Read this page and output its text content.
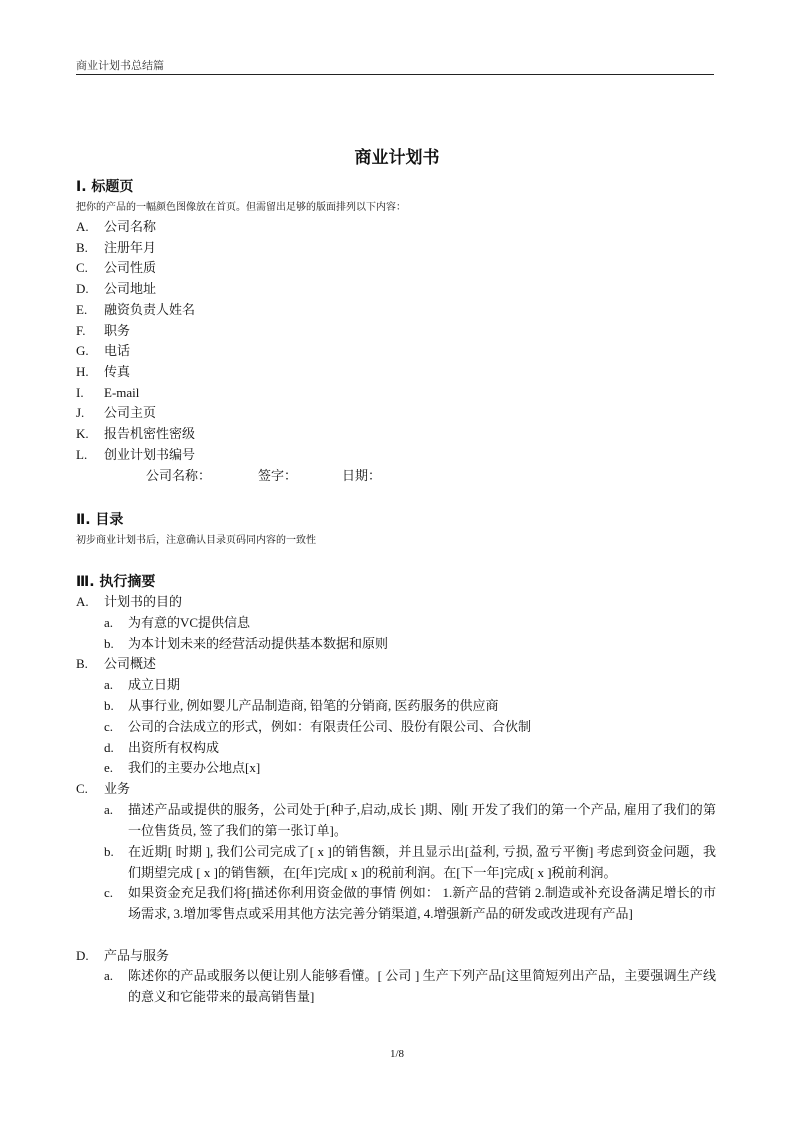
商业计划书总结篇
商业计划书
Ⅰ. 标题页
把你的产品的一幅颜色图像放在首页。但需留出足够的版面排列以下内容：
A. 公司名称
B. 注册年月
C. 公司性质
D. 公司地址
E. 融资负责人姓名
F. 职务
G. 电话
H. 传真
I. E-mail
J. 公司主页
K. 报告机密性密级
L. 创业计划书编号
公司名称：	签字：	日期：
Ⅱ. 目录
初步商业计划书后，注意确认目录页码同内容的一致性
Ⅲ. 执行摘要
A. 计划书的目的
a. 为有意的VC提供信息
b. 为本计划未来的经营活动提供基本数据和原则
B. 公司概述
a. 成立日期
b. 从事行业, 例如婴儿产品制造商, 铅笔的分销商, 医药服务的供应商
c. 公司的合法成立的形式，例如：有限责任公司、股份有限公司、合伙制
d. 出资所有权构成
e. 我们的主要办公地点[x]
C. 业务
a. 描述产品或提供的服务，公司处于[种子,启动,成长 ]期、刚[ 开发了我们的第一个产品, 雇用了我们的第一位售货员, 签了我们的第一张订单]。
b. 在近期[ 时期 ], 我们公司完成了[ x ]的销售额，并且显示出[益利, 亏损, 盈亏平衡] 考虑到资金问题，我们期望完成 [ x ]的销售额，在[年]完成[ x ]的税前利润。在[下一年]完成[ x ]税前利润。
c. 如果资金充足我们将[描述你利用资金做的事情 例如： 1.新产品的营销 2.制造或补充设备满足增长的市场需求, 3.增加零售点或采用其他方法完善分销渠道, 4.增强新产品的研发或改进现有产品]
D. 产品与服务
a. 陈述你的产品或服务以便让别人能够看懂。[ 公司 ] 生产下列产品[这里简短列出产品，主要强调生产线的意义和它能带来的最高销售量]
1/8
